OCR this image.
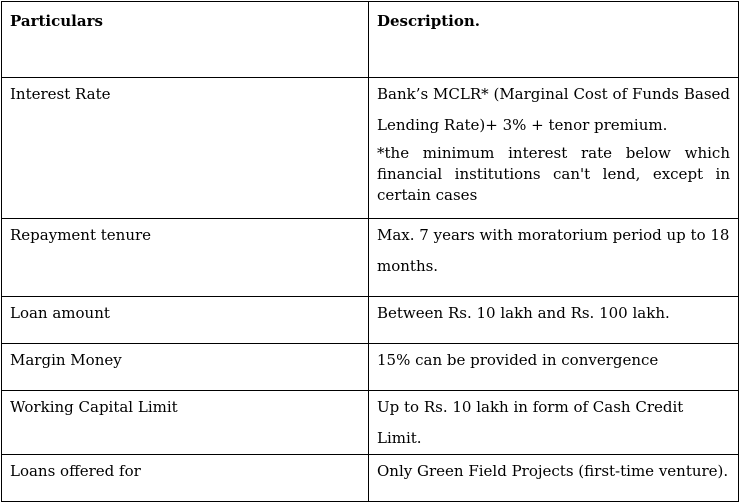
Particulars	Description.
Interest Rate	Bank’s MCLR* (Marginal Cost of Funds Based Lending Rate)+ 3% + tenor premium.
*the minimum interest rate below which financial institutions can't lend, except in certain cases

Repayment tenure	Max. 7 years with moratorium period up to 18 months.
Loan amount	Between Rs. 10 lakh and Rs. 100 lakh.
Margin Money	15% can be provided in convergence
Working Capital Limit	Up to Rs. 10 lakh in form of Cash Credit Limit.
Loans offered for	Only Green Field Projects (first-time venture).
